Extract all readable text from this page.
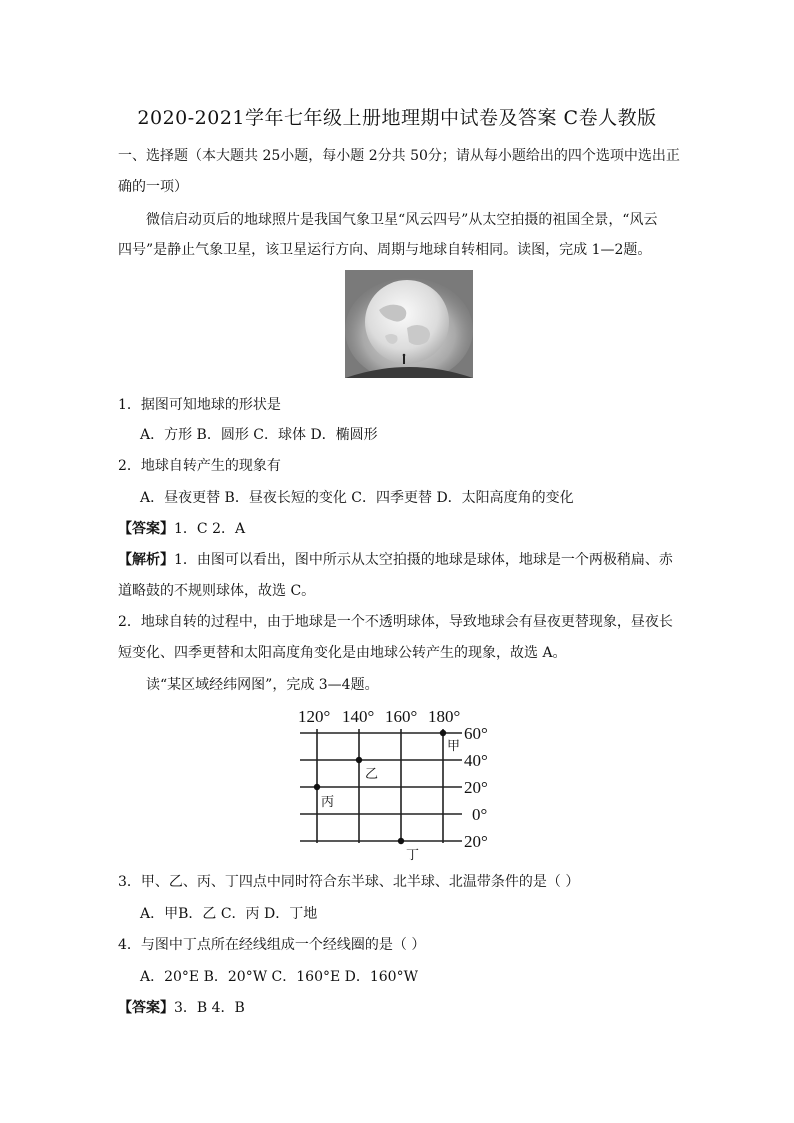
2020-2021学年七年级上册地理期中试卷及答案 C卷人教版
一、选择题（本大题共 25小题，每小题 2分共 50分；请从每小题给出的四个选项中选出正
确的一项）
微信启动页后的地球照片是我国气象卫星“风云四号”从太空拍摄的祖国全景，“风云
四号”是静止气象卫星，该卫星运行方向、周期与地球自转相同。读图，完成 1—2题。
1．据图可知地球的形状是
A．方形 B．圆形 C．球体 D．椭圆形
2．地球自转产生的现象有
A．昼夜更替 B．昼夜长短的变化 C．四季更替 D．太阳高度角的变化
【答案】1．C 2．A
【解析】1．由图可以看出，图中所示从太空拍摄的地球是球体，地球是一个两极稍扁、赤
道略鼓的不规则球体，故选 C。
2．地球自转的过程中，由于地球是一个不透明球体，导致地球会有昼夜更替现象，昼夜长
短变化、四季更替和太阳高度角变化是由地球公转产生的现象，故选 A。
读“某区域经纬网图”，完成 3—4题。
120° 140° 160° 180°
60°
40°
20°
0°
20°
甲
乙
丙
丁
3．甲、乙、丙、丁四点中同时符合东半球、北半球、北温带条件的是（ ）
A．甲B．乙 C．丙 D．丁地
4．与图中丁点所在经线组成一个经线圈的是（ ）
A．20°E B．20°W C．160°E D．160°W
【答案】3．B 4．B
